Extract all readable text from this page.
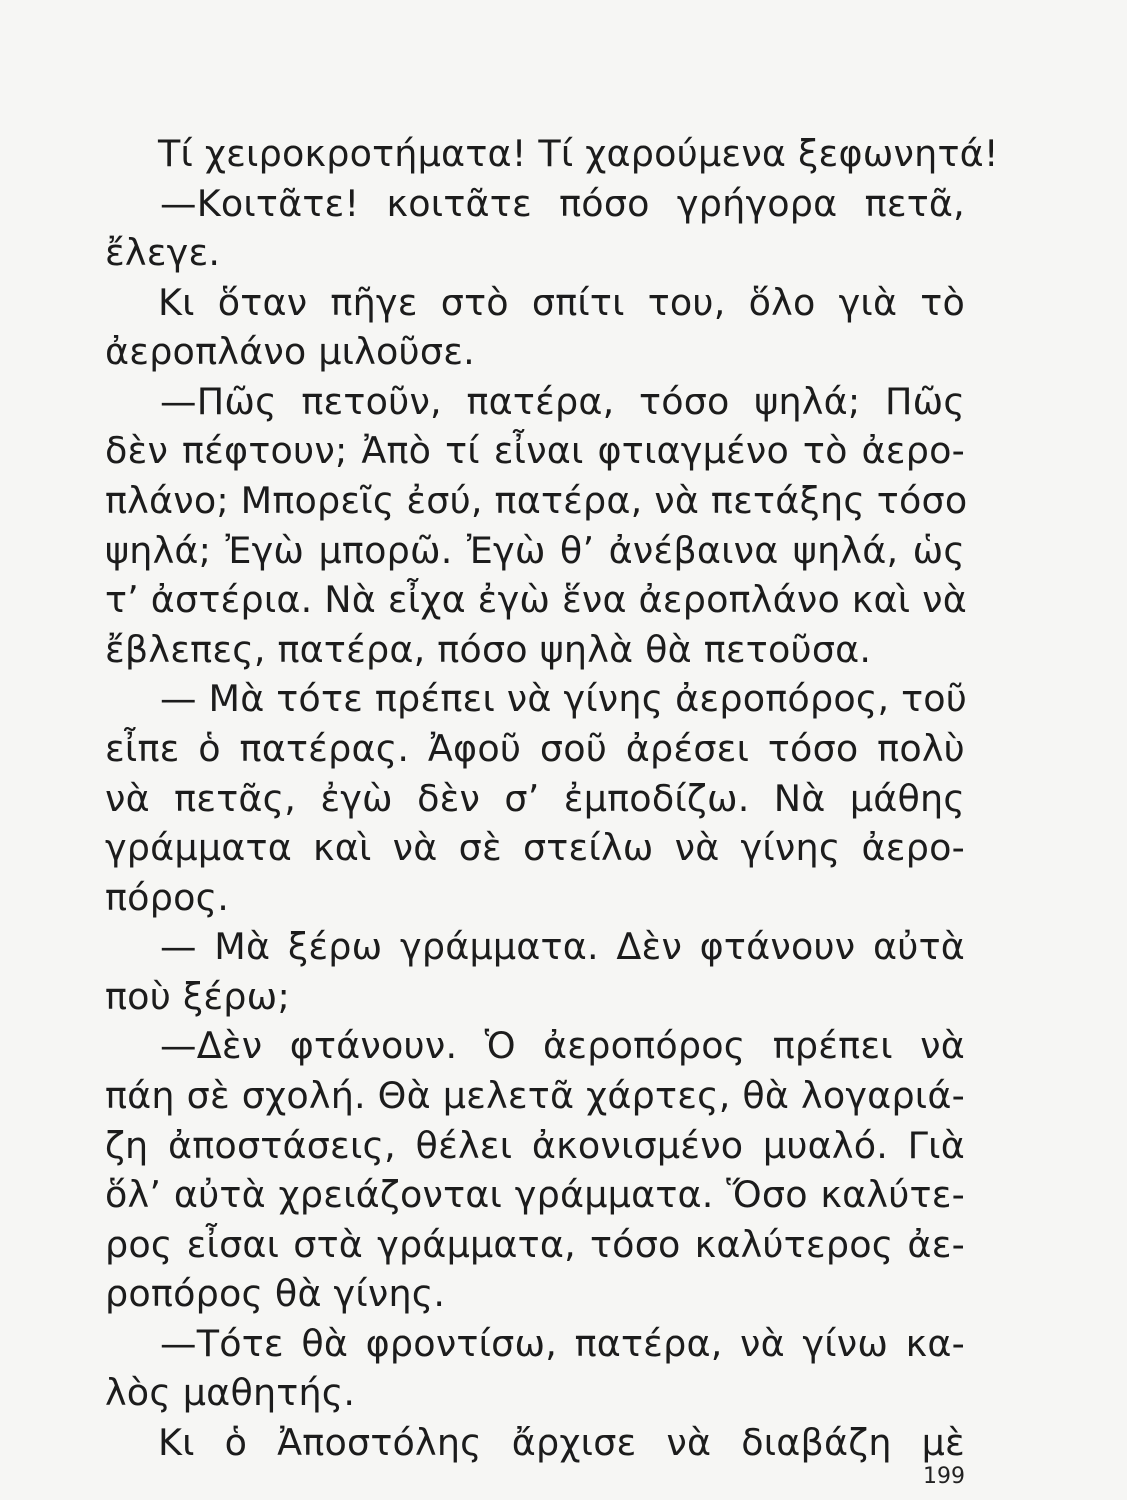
Τί χειροκροτήματα! Τί χαρούμενα ξεφωνητά!
—Κοιτᾶτε! κοιτᾶτε πόσο γρήγορα πετᾶ,
ἔλεγε.
Κι ὅταν πῆγε στὸ σπίτι του, ὅλο γιὰ τὸ
ἀεροπλάνο μιλοῦσε.
—Πῶς πετοῦν, πατέρα, τόσο ψηλά; Πῶς
δὲν πέφτουν; Ἀπὸ τί εἶναι φτιαγμένο τὸ ἀερο-
πλάνο; Μπορεῖς ἐσύ, πατέρα, νὰ πετάξης τόσο
ψηλά; Ἐγὼ μπορῶ. Ἐγὼ θ’ ἀνέβαινα ψηλά, ὡς
τ’ ἀστέρια. Νὰ εἶχα ἐγὼ ἕνα ἀεροπλάνο καὶ νὰ
ἔβλεπες, πατέρα, πόσο ψηλὰ θὰ πετοῦσα.
— Μὰ τότε πρέπει νὰ γίνης ἀεροπόρος, τοῦ
εἶπε ὁ πατέρας. Ἀφοῦ σοῦ ἀρέσει τόσο πολὺ
νὰ πετᾶς, ἐγὼ δὲν σ’ ἐμποδίζω. Νὰ μάθης
γράμματα καὶ νὰ σὲ στείλω νὰ γίνης ἀερο-
πόρος.
— Μὰ ξέρω γράμματα. Δὲν φτάνουν αὐτὰ
ποὺ ξέρω;
—Δὲν φτάνουν. Ὁ ἀεροπόρος πρέπει νὰ
πάη σὲ σχολή. Θὰ μελετᾶ χάρτες, θὰ λογαριά-
ζη ἀποστάσεις, θέλει ἀκονισμένο μυαλό. Γιὰ
ὅλ’ αὐτὰ χρειάζονται γράμματα. Ὅσο καλύτε-
ρος εἶσαι στὰ γράμματα, τόσο καλύτερος ἀε-
ροπόρος θὰ γίνης.
—Τότε θὰ φροντίσω, πατέρα, νὰ γίνω κα-
λὸς μαθητής.
Κι ὁ Ἀποστόλης ἄρχισε νὰ διαβάζη μὲ
199
